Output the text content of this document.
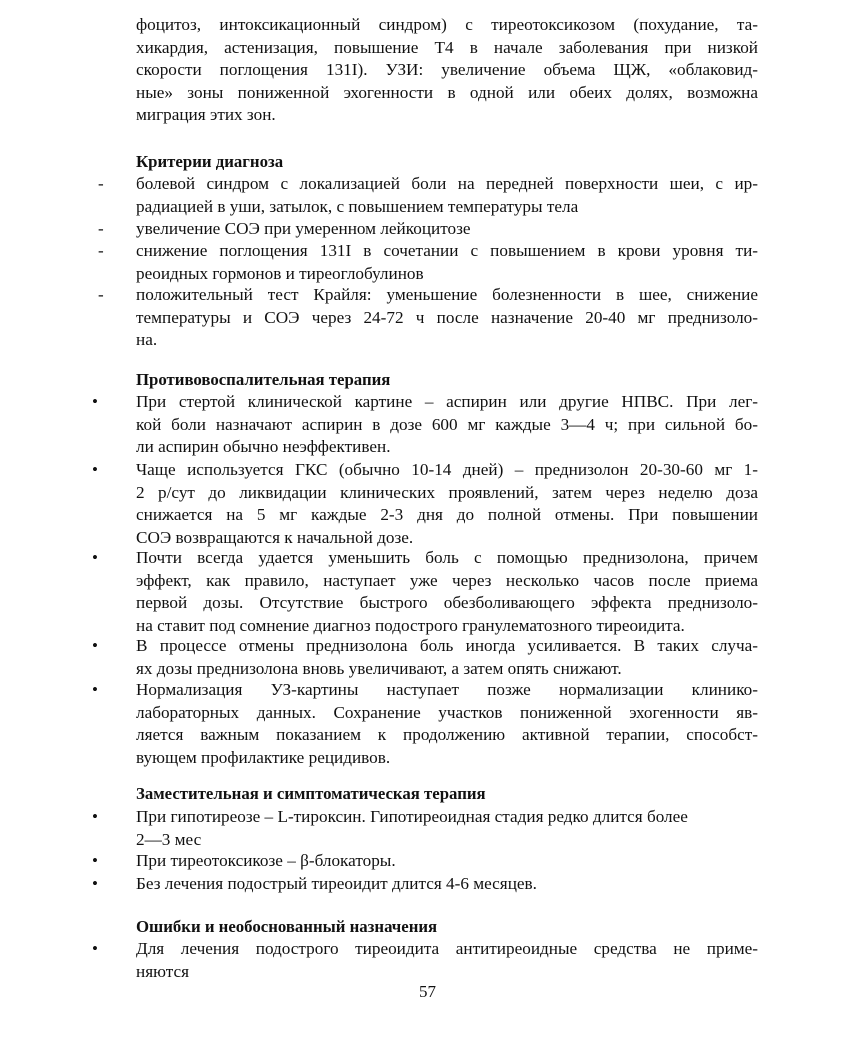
фоцитоз, интоксикационный синдром) с тиреотоксикозом (похудание, та-
хикардия, астенизация, повышение Т4 в начале заболевания при низкой
скорости поглощения 131I). УЗИ: увеличение объема ЩЖ, «облаковид-
ные» зоны пониженной эхогенности в одной или обеих долях, возможна
миграция этих зон.
Критерии диагноза
-	болевой синдром с локализацией боли на передней поверхности шеи, с ир-
радиацией в уши, затылок, с повышением температуры тела
-	увеличение СОЭ при умеренном лейкоцитозе
-	снижение поглощения 131I в сочетании с повышением в крови уровня ти-
реоидных гормонов и тиреоглобулинов
-	положительный тест Крайля: уменьшение болезненности в шее, снижение
температуры и СОЭ через 24-72 ч после назначение 20-40 мг преднизоло-
на.
Противовоспалительная терапия
•	При стертой клинической картине – аспирин или другие НПВС. При лег-
кой боли назначают аспирин в дозе 600 мг каждые 3—4 ч; при сильной бо-
ли аспирин обычно неэффективен.
•	Чаще используется ГКС (обычно 10-14 дней) – преднизолон 20-30-60 мг 1-
2 р/сут до ликвидации клинических проявлений, затем через неделю доза
снижается на 5 мг каждые 2-3 дня до полной отмены. При повышении
СОЭ возвращаются к начальной дозе.
•	Почти всегда удается уменьшить боль с помощью преднизолона, причем
эффект, как правило, наступает уже через несколько часов после приема
первой дозы. Отсутствие быстрого обезболивающего эффекта преднизоло-
на ставит под сомнение диагноз подострого гранулематозного тиреоидита.
•	В процессе отмены преднизолона боль иногда усиливается. В таких случа-
ях дозы преднизолона вновь увеличивают, а затем опять снижают.
•	Нормализация УЗ-картины наступает позже нормализации клинико-
лабораторных данных. Сохранение участков пониженной эхогенности яв-
ляется важным показанием к продолжению активной терапии, способст-
вующем профилактике рецидивов.
Заместительная и симптоматическая терапия
•	При гипотиреозе – L-тироксин. Гипотиреоидная стадия редко длится более
2—3 мес
•	При тиреотоксикозе – β-блокаторы.
•	Без лечения подострый тиреоидит длится 4-6 месяцев.
Ошибки и необоснованный назначения
•	Для лечения подострого тиреоидита антитиреоидные средства не приме-
няются
57
